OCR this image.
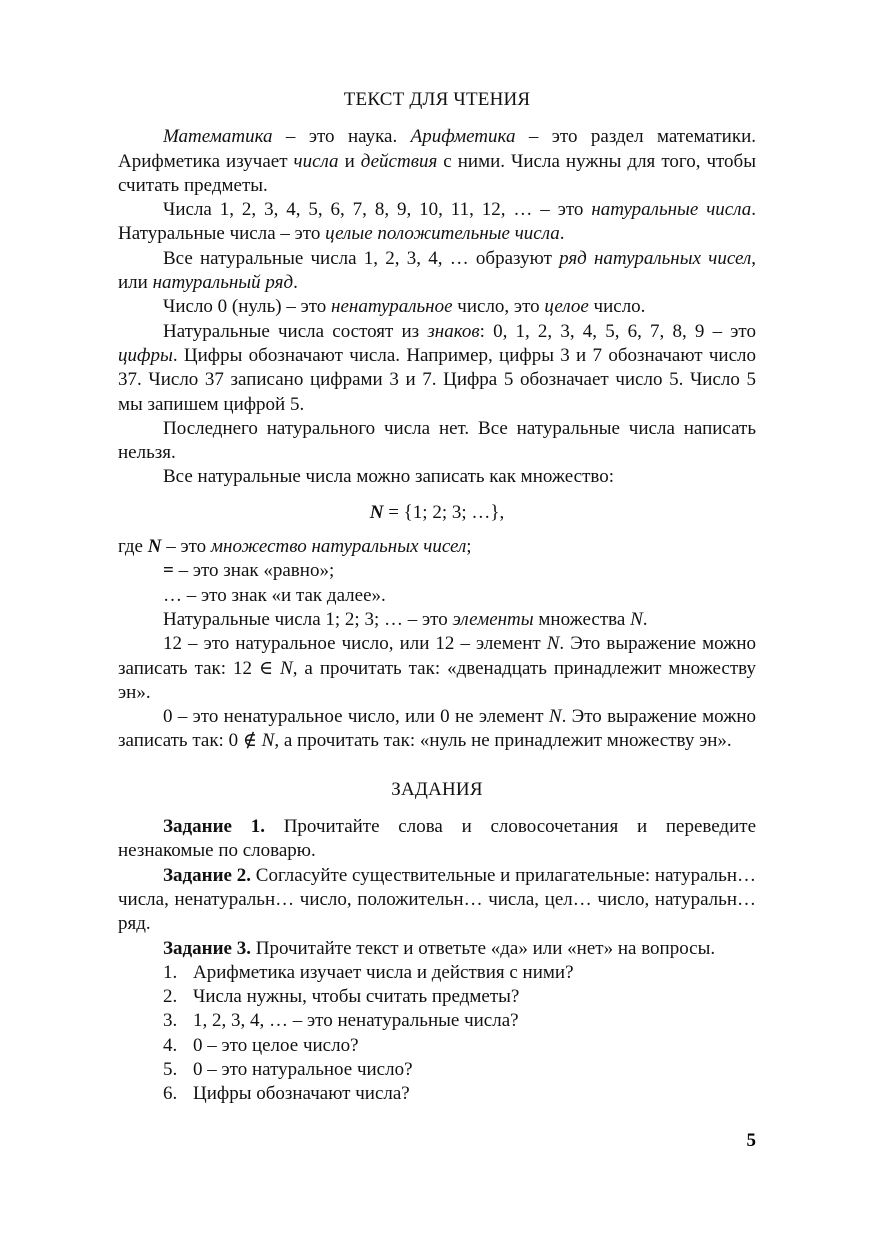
ТЕКСТ ДЛЯ ЧТЕНИЯ

Математика – это наука. Арифметика – это раздел математики. Арифметика изучает числа и действия с ними. Числа нужны для того, чтобы считать предметы.

Числа 1, 2, 3, 4, 5, 6, 7, 8, 9, 10, 11, 12, … – это натуральные числа. Натуральные числа – это целые положительные числа.

Все натуральные числа 1, 2, 3, 4, … образуют ряд натуральных чисел, или натуральный ряд.

Число 0 (нуль) – это ненатуральное число, это целое число.

Натуральные числа состоят из знаков: 0, 1, 2, 3, 4, 5, 6, 7, 8, 9 – это цифры. Цифры обозначают числа. Например, цифры 3 и 7 обозначают число 37. Число 37 записано цифрами 3 и 7. Цифра 5 обозначает число 5. Число 5 мы запишем цифрой 5.

Последнего натурального числа нет. Все натуральные числа написать нельзя.

Все натуральные числа можно записать как множество:

N = {1; 2; 3; …},

где N – это множество натуральных чисел;

= – это знак «равно»;

… – это знак «и так далее».

Натуральные числа 1; 2; 3; … – это элементы множества N.

12 – это натуральное число, или 12 – элемент N. Это выражение можно записать так: 12 ∈ N, а прочитать так: «двенадцать принадлежит множеству эн».

0 – это ненатуральное число, или 0 не элемент N. Это выражение можно записать так: 0 ∉ N, а прочитать так: «нуль не принадлежит множеству эн».

ЗАДАНИЯ

Задание 1. Прочитайте слова и словосочетания и переведите незнакомые по словарю.

Задание 2. Согласуйте существительные и прилагательные: натуральн… числа, ненатуральн… число, положительн… числа, цел… число, натуральн… ряд.

Задание 3. Прочитайте текст и ответьте «да» или «нет» на вопросы.

1. Арифметика изучает числа и действия с ними?
2. Числа нужны, чтобы считать предметы?
3. 1, 2, 3, 4, … – это ненатуральные числа?
4. 0 – это целое число?
5. 0 – это натуральное число?
6. Цифры обозначают числа?
5
